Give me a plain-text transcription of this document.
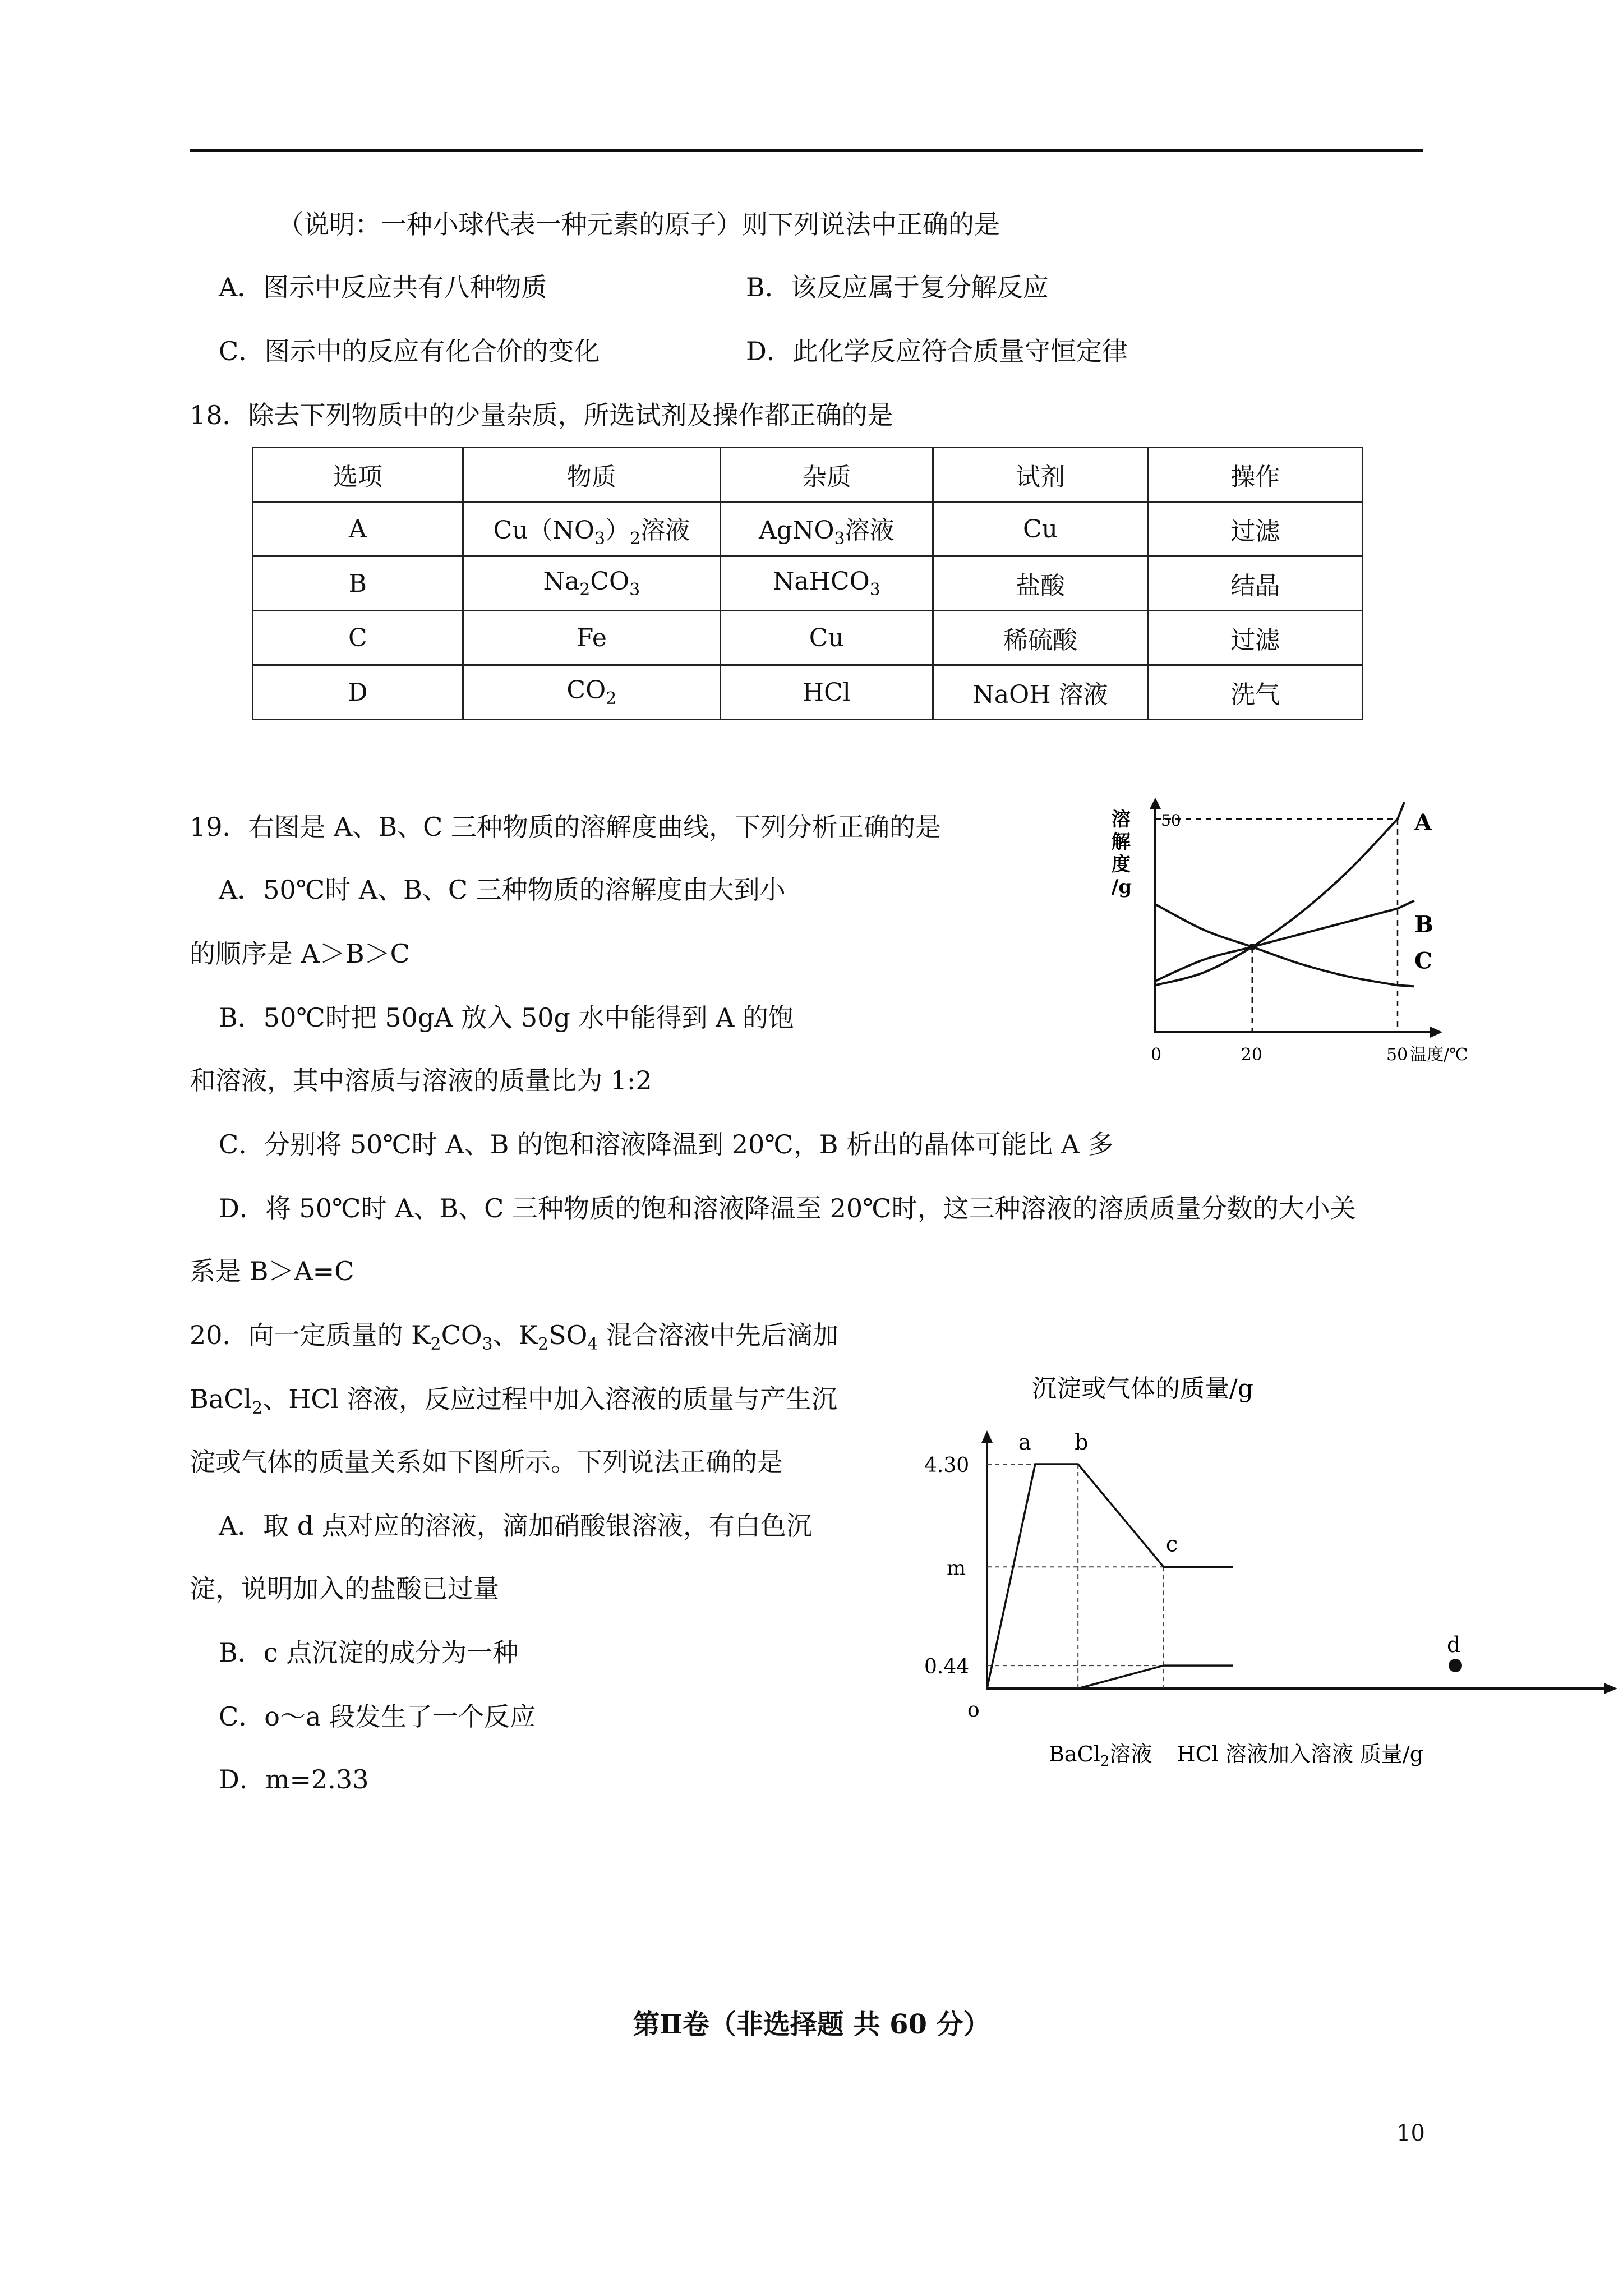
（说明：一种小球代表一种元素的原子）则下列说法中正确的是
A．图示中反应共有八种物质	B．该反应属于复分解反应
C．图示中的反应有化合价的变化	D．此化学反应符合质量守恒定律
18．除去下列物质中的少量杂质，所选试剂及操作都正确的是
选项	物质	杂质	试剂	操作
A	$Cu(NO_3)_2$溶液	AgNO$_3$溶液	Cu	过滤
B	$Na_2CO_3$	NaHCO$_3$	盐酸	结晶
C	Fe	Cu	稀硫酸	过滤
D	$CO_2$	HCl	NaOH 溶液	洗气
19．右图是 A、B、C 三种物质的溶解度曲线，下列分析正确的是
A．50℃时 A、B、C 三种物质的溶解度由大到小
的顺序是 A＞B＞C
B．50℃时把 50gA 放入 50g 水中能得到 A 的饱
和溶液，其中溶质与溶液的质量比为 1:2
C．分别将 50℃时 A、B 的饱和溶液降温到 20℃，B 析出的晶体可能比 A 多
D．将 50℃时 A、B、C 三种物质的饱和溶液降温至 20℃时，这三种溶液的溶质质量分数的大小关
系是 B＞A=C
溶
解
度
/g
50
0	20	50 温度/℃
A
B
C
20．向一定质量的 $K_2CO_3$、$K_2SO_4$ 混合溶液中先后滴加
BaCl$_2$、HCl 溶液，反应过程中加入溶液的质量与产生沉
淀或气体的质量关系如下图所示。下列说法正确的是
A．取 d 点对应的溶液，滴加硝酸银溶液，有白色沉
淀，说明加入的盐酸已过量
B．c 点沉淀的成分为一种
C．o～a 段发生了一个反应
D．m=2.33
沉淀或气体的质量/g
4.30
m
0.44
o
a b
c
d
BaCl$_2$溶液 HCl 溶液加入溶液 质量/g
第Ⅱ卷（非选择题 共 60 分）
10
